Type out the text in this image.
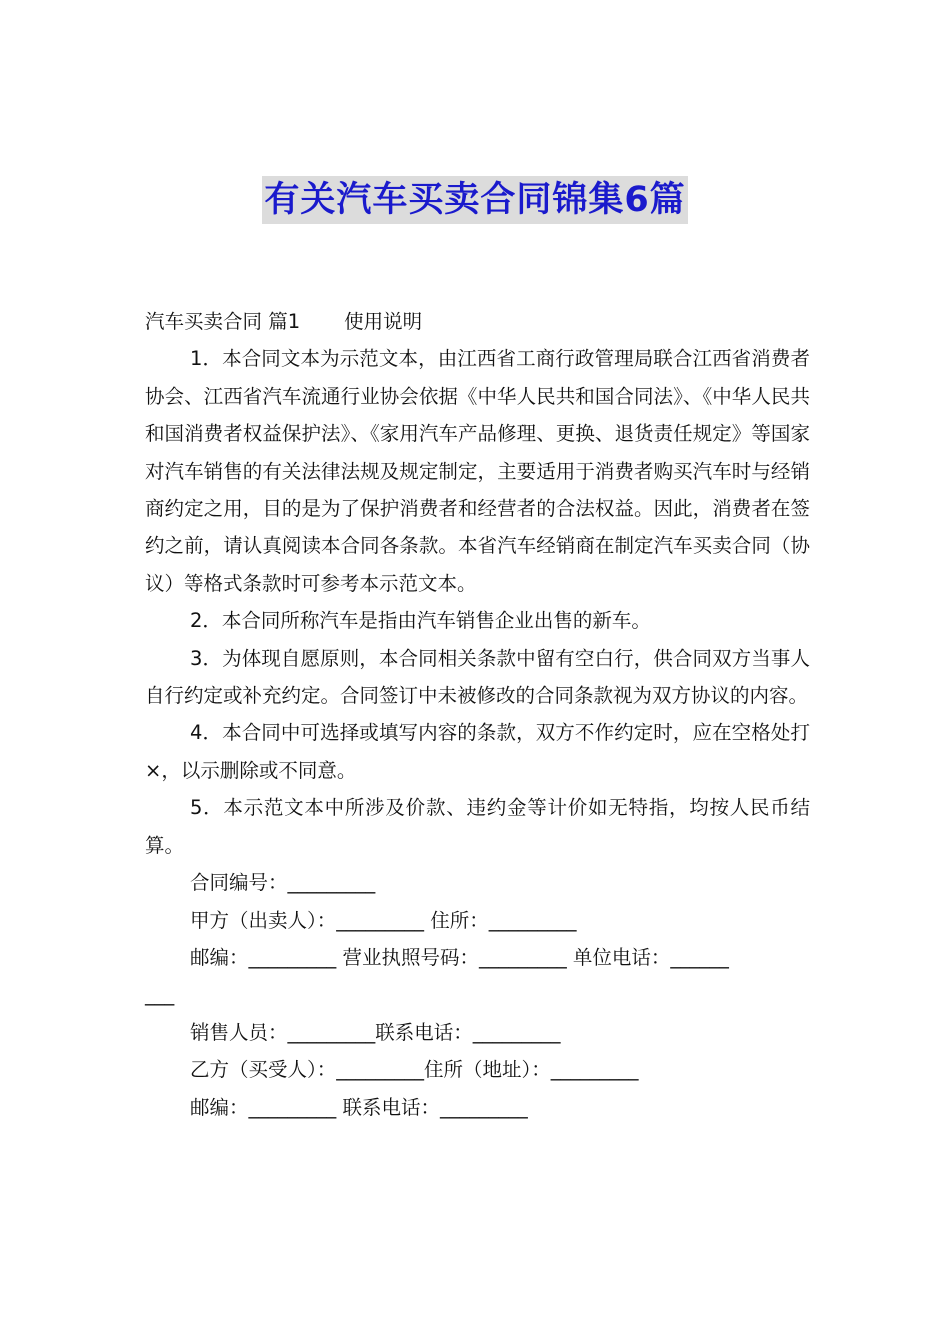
有关汽车买卖合同锦集6篇

汽车买卖合同 篇1 使用说明

1．本合同文本为示范文本，由江西省工商行政管理局联合江西省消费者协会、江西省汽车流通行业协会依据《中华人民共和国合同法》、《中华人民共和国消费者权益保护法》、《家用汽车产品修理、更换、退货责任规定》等国家对汽车销售的有关法律法规及规定制定，主要适用于消费者购买汽车时与经销商约定之用，目的是为了保护消费者和经营者的合法权益。因此，消费者在签约之前，请认真阅读本合同各条款。本省汽车经销商在制定汽车买卖合同（协议）等格式条款时可参考本示范文本。

2．本合同所称汽车是指由汽车销售企业出售的新车。

3．为体现自愿原则，本合同相关条款中留有空白行，供合同双方当事人自行约定或补充约定。合同签订中未被修改的合同条款视为双方协议的内容。

4．本合同中可选择或填写内容的条款，双方不作约定时，应在空格处打×，以示删除或不同意。

5．本示范文本中所涉及价款、违约金等计价如无特指，均按人民币结算。

合同编号：_________

甲方（出卖人）：_________ 住所：_________

邮编：_________ 营业执照号码：_________ 单位电话：______

___

销售人员：_________联系电话：_________

乙方（买受人）：_________住所（地址）：_________

邮编：_________ 联系电话：_________
